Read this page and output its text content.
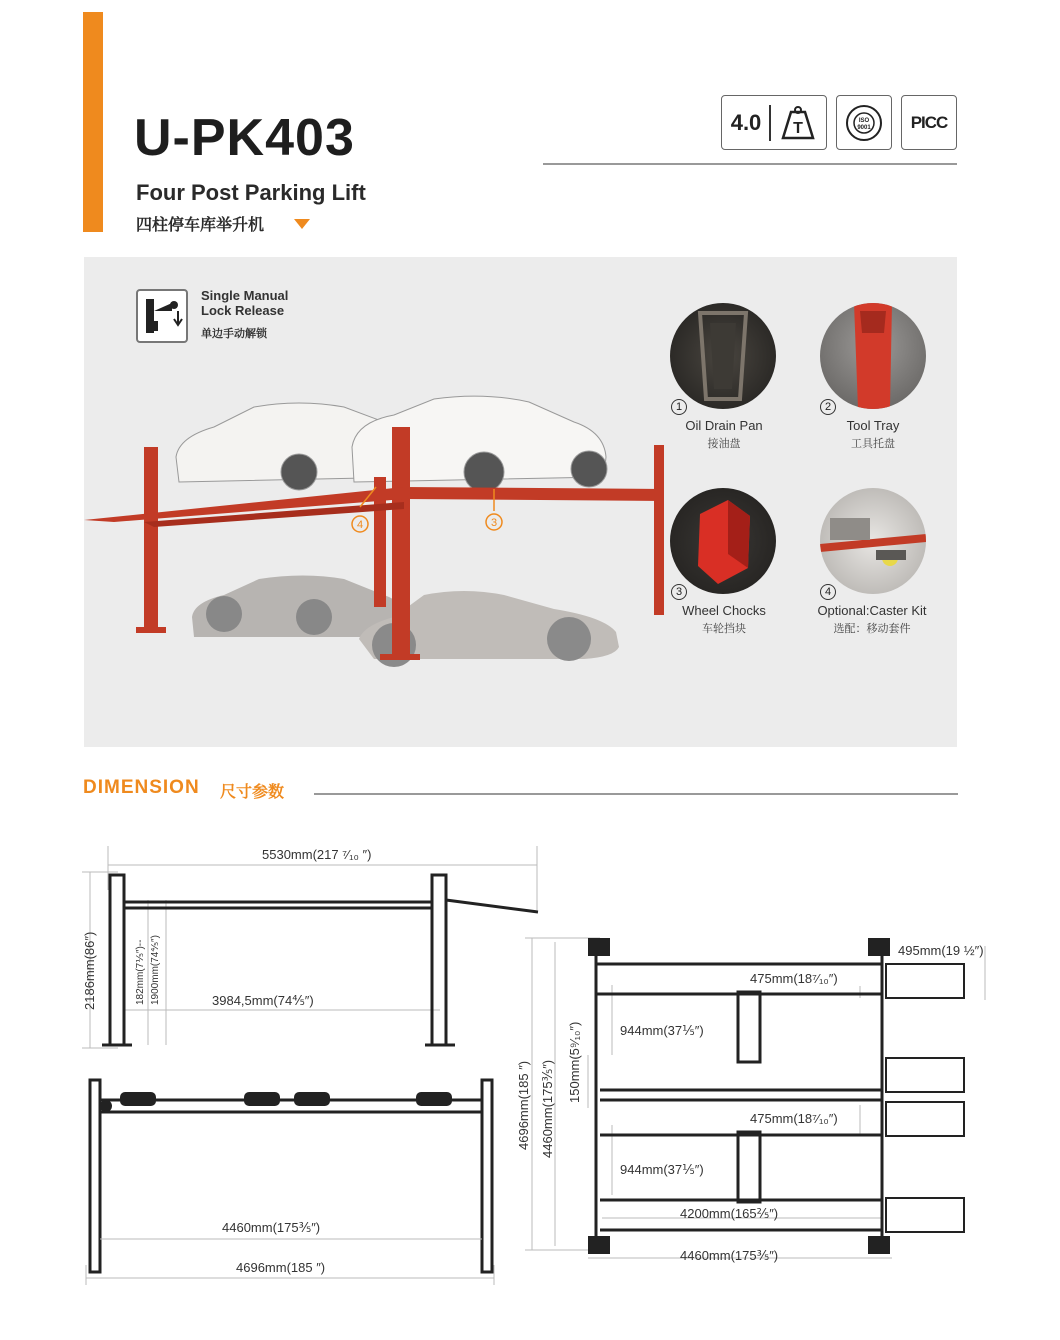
U-PK403
Four Post Parking Lift
四柱停车库举升机
4.0 T	ISO
9001 PICC
Single Manual
Lock Release
单边手动解锁
4	3
1
Oil Drain Pan
接油盘
2
Tool Tray
工具托盘
3
Wheel Chocks
车轮挡块
4
Optional:Caster Kit
选配：移动套件
DIMENSION 尺寸参数
5530mm(217 ⁷⁄₁₀ ″)
2186mm(86″)	182mm(7⅕″)-- 1900mm(74⅘″)	3984,5mm(74⅘″)
4460mm(175⅗″)
4696mm(185 ″)
495mm(19 ½″)
475mm(18⁷⁄₁₀″)
944mm(37⅕″)
150mm(5⁹⁄₁₀″)
475mm(18⁷⁄₁₀″)
944mm(37⅕″)
4200mm(165⅖″)
4696mm(185 ″) 4460mm(175⅗″)
4460mm(175⅗″)
